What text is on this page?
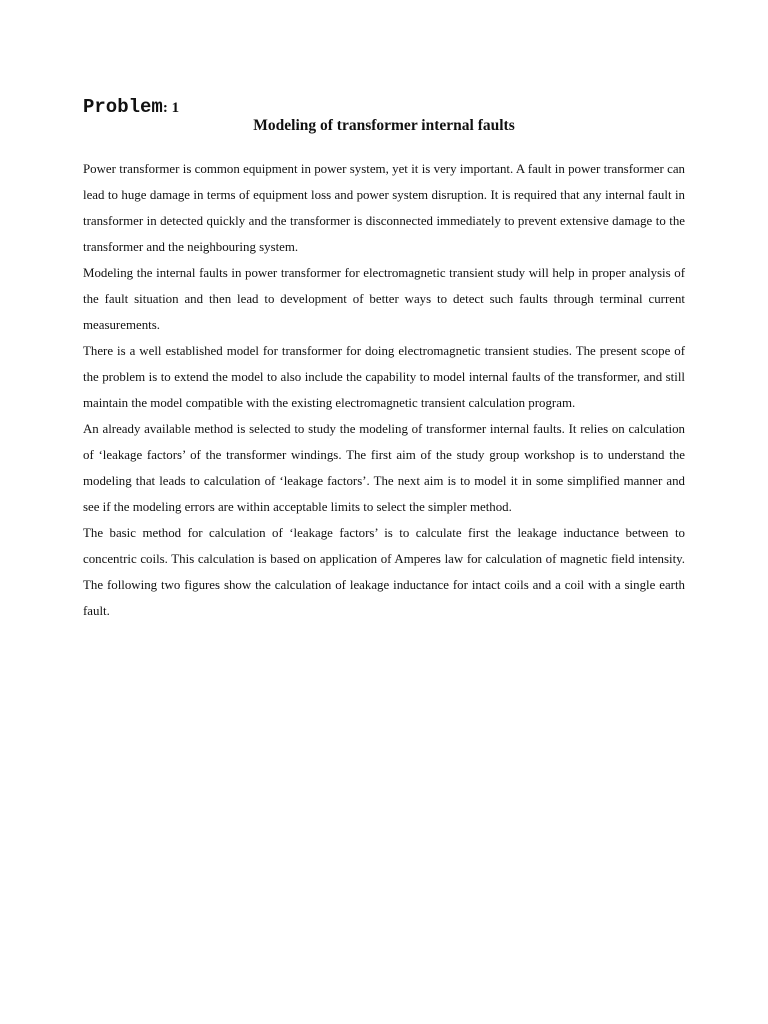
Problem: 1
Modeling of transformer internal faults

Power transformer is common equipment in power system, yet it is very important. A fault in power transformer can lead to huge damage in terms of equipment loss and power system disruption. It is required that any internal fault in transformer in detected quickly and the transformer is disconnected immediately to prevent extensive damage to the transformer and the neighbouring system.

Modeling the internal faults in power transformer for electromagnetic transient study will help in proper analysis of the fault situation and then lead to development of better ways to detect such faults through terminal current measurements.

There is a well established model for transformer for doing electromagnetic transient studies. The present scope of the problem is to extend the model to also include the capability to model internal faults of the transformer, and still maintain the model compatible with the existing electromagnetic transient calculation program.

An already available method is selected to study the modeling of transformer internal faults. It relies on calculation of ‘leakage factors’ of the transformer windings. The first aim of the study group workshop is to understand the modeling that leads to calculation of ‘leakage factors’. The next aim is to model it in some simplified manner and see if the modeling errors are within acceptable limits to select the simpler method.

The basic method for calculation of ‘leakage factors’ is to calculate first the leakage inductance between to concentric coils. This calculation is based on application of Amperes law for calculation of magnetic field intensity. The following two figures show the calculation of leakage inductance for intact coils and a coil with a single earth fault.
